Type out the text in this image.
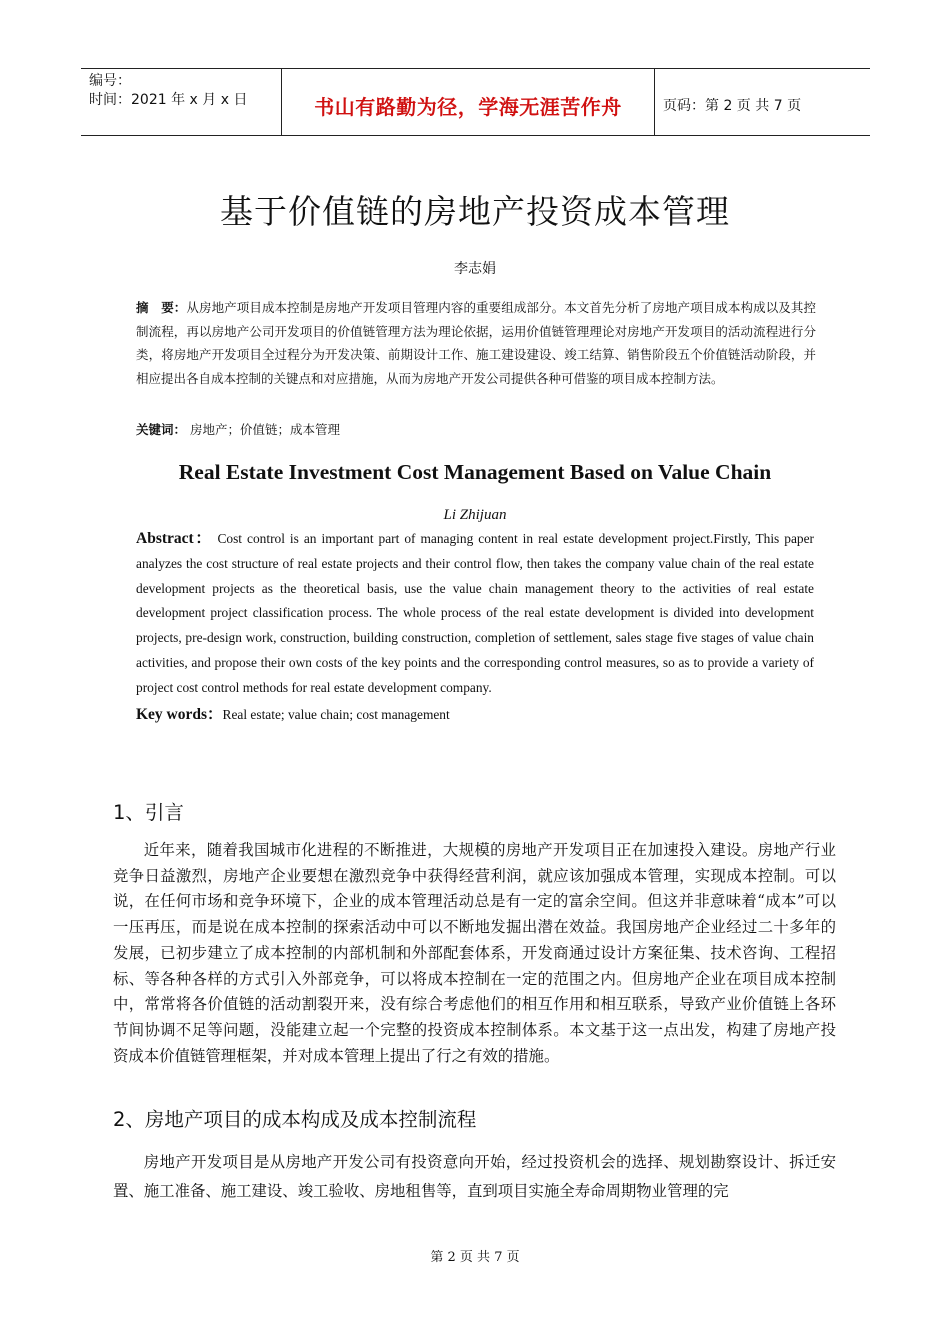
编号：
时间：2021 年 x 月 x 日	书山有路勤为径，学海无涯苦作舟	页码：第 2 页 共 7 页
基于价值链的房地产投资成本管理
李志娟
摘　要：从房地产项目成本控制是房地产开发项目管理内容的重要组成部分。本文首先分析了房地产项目成本构成以及其控制流程，再以房地产公司开发项目的价值链管理方法为理论依据，运用价值链管理理论对房地产开发项目的活动流程进行分类，将房地产开发项目全过程分为开发决策、前期设计工作、施工建设建设、竣工结算、销售阶段五个价值链活动阶段，并相应提出各自成本控制的关键点和对应措施，从而为房地产开发公司提供各种可借鉴的项目成本控制方法。
关键词： 房地产；价值链；成本管理
Real Estate Investment Cost Management Based on Value Chain
Li Zhijuan
Abstract： Cost control is an important part of managing content in real estate development project.Firstly, This paper analyzes the cost structure of real estate projects and their control flow, then takes the company value chain of the real estate development projects as the theoretical basis, use the value chain management theory to the activities of real estate development project classification process. The whole process of the real estate development is divided into development projects, pre-design work, construction, building construction, completion of settlement, sales stage five stages of value chain activities, and propose their own costs of the key points and the corresponding control measures, so as to provide a variety of project cost control methods for real estate development company.
Key words：Real estate; value chain; cost management
1、引言
近年来，随着我国城市化进程的不断推进，大规模的房地产开发项目正在加速投入建设。房地产行业竞争日益激烈，房地产企业要想在激烈竞争中获得经营利润，就应该加强成本管理，实现成本控制。可以说，在任何市场和竞争环境下，企业的成本管理活动总是有一定的富余空间。但这并非意味着“成本”可以一压再压，而是说在成本控制的探索活动中可以不断地发掘出潜在效益。我国房地产企业经过二十多年的发展，已初步建立了成本控制的内部机制和外部配套体系，开发商通过设计方案征集、技术咨询、工程招标、等各种各样的方式引入外部竞争，可以将成本控制在一定的范围之内。但房地产企业在项目成本控制中，常常将各价值链的活动割裂开来，没有综合考虑他们的相互作用和相互联系，导致产业价值链上各环节间协调不足等问题，没能建立起一个完整的投资成本控制体系。本文基于这一点出发，构建了房地产投资成本价值链管理框架，并对成本管理上提出了行之有效的措施。
2、房地产项目的成本构成及成本控制流程
房地产开发项目是从房地产开发公司有投资意向开始，经过投资机会的选择、规划勘察设计、拆迁安置、施工准备、施工建设、竣工验收、房地租售等，直到项目实施全寿命周期物业管理的完
第 2 页 共 7 页
